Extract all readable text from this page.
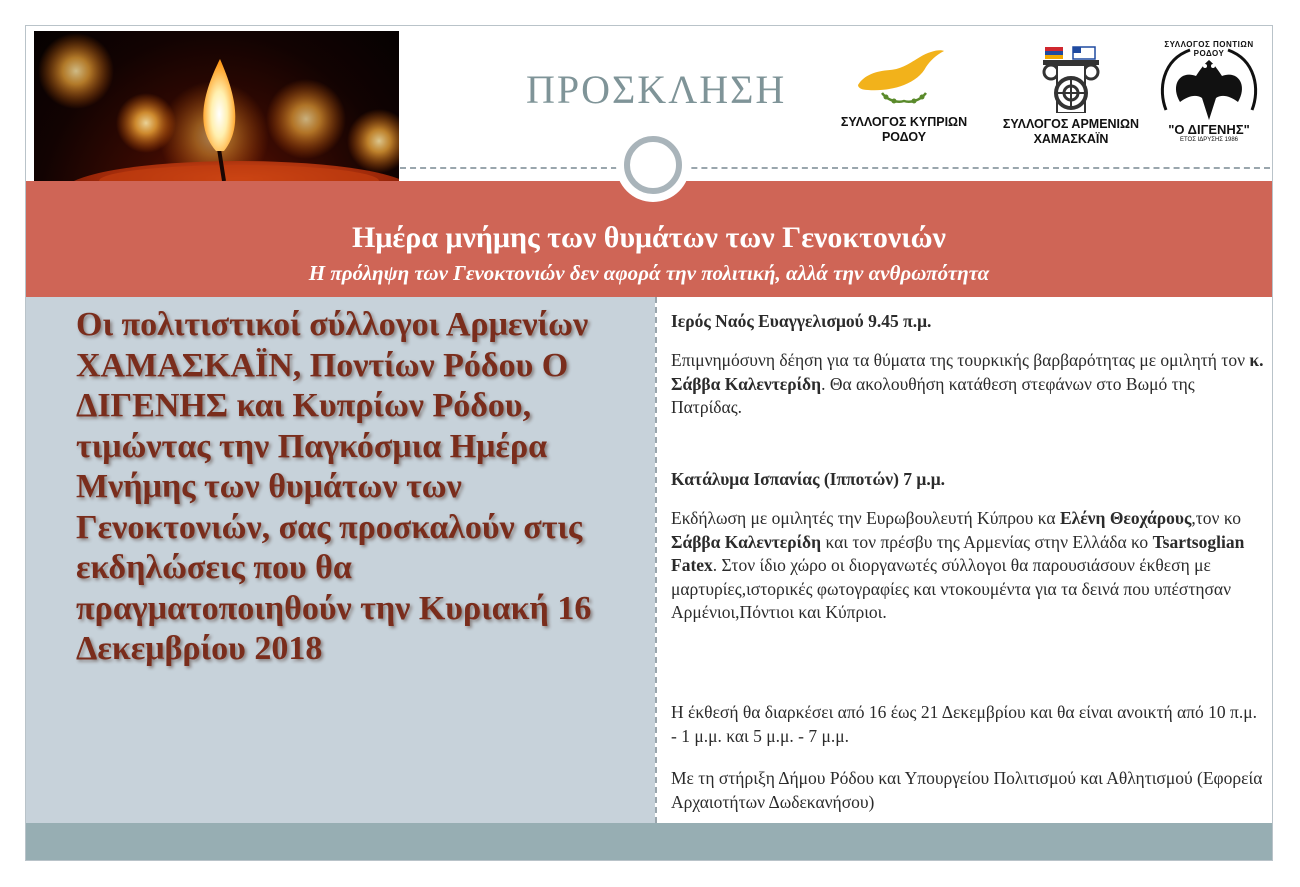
ΠΡΟΣΚΛΗΣΗ
ΣΥΛΛΟΓΟΣ ΚΥΠΡΙΩΝ
ΡΟΔΟΥ
ΣΥΛΛΟΓΟΣ ΑΡΜΕΝΙΩΝ
ΧΑΜΑΣΚΑΪΝ
ΣΥΛΛΟΓΟΣ ΠΟΝΤΙΩΝ ΡΟΔΟΥ
"Ο ΔΙΓΕΝΗΣ"
ΕΤΟΣ ΙΔΡΥΣΗΣ 1986
Ημέρα μνήμης των θυμάτων των Γενοκτονιών
Η πρόληψη των Γενοκτονιών δεν αφορά την πολιτική, αλλά την ανθρωπότητα

Οι πολιτιστικοί σύλλογοι Αρμενίων ΧΑΜΑΣΚΑΪΝ, Ποντίων Ρόδου Ο ΔΙΓΕΝΗΣ και Κυπρίων Ρόδου, τιμώντας την Παγκόσμια Ημέρα Μνήμης των θυμάτων των Γενοκτονιών, σας προσκαλούν στις εκδηλώσεις που θα πραγματοποιηθούν την Κυριακή 16 Δεκεμβρίου 2018

Ιερός Ναός Ευαγγελισμού 9.45 π.μ.

Επιμνημόσυνη δέηση για τα θύματα της τουρκικής βαρβαρότητας με ομιλητή τον κ. Σάββα Καλεντερίδη. Θα ακολουθήση κατάθεση στεφάνων στο Βωμό της Πατρίδας.

Κατάλυμα Ισπανίας (Ιπποτών) 7 μ.μ.

Εκδήλωση με ομιλητές την Ευρωβουλευτή Κύπρου κα Ελένη Θεοχάρους,τον κο Σάββα Καλεντερίδη και τον πρέσβυ της Αρμενίας στην Ελλάδα κο Tsartsoglian Fatex. Στον ίδιο χώρο οι διοργανωτές σύλλογοι θα παρουσιάσουν έκθεση με μαρτυρίες,ιστορικές φωτογραφίες και ντοκουμέντα για τα δεινά που υπέστησαν Αρμένιοι,Πόντιοι και Κύπριοι.

Η έκθεσή θα διαρκέσει από 16 έως 21 Δεκεμβρίου και θα είναι ανοικτή από 10 π.μ. - 1 μ.μ. και 5 μ.μ. - 7 μ.μ.

Με τη στήριξη Δήμου Ρόδου και Υπουργείου Πολιτισμού και Αθλητισμού (Εφορεία Αρχαιοτήτων Δωδεκανήσου)
